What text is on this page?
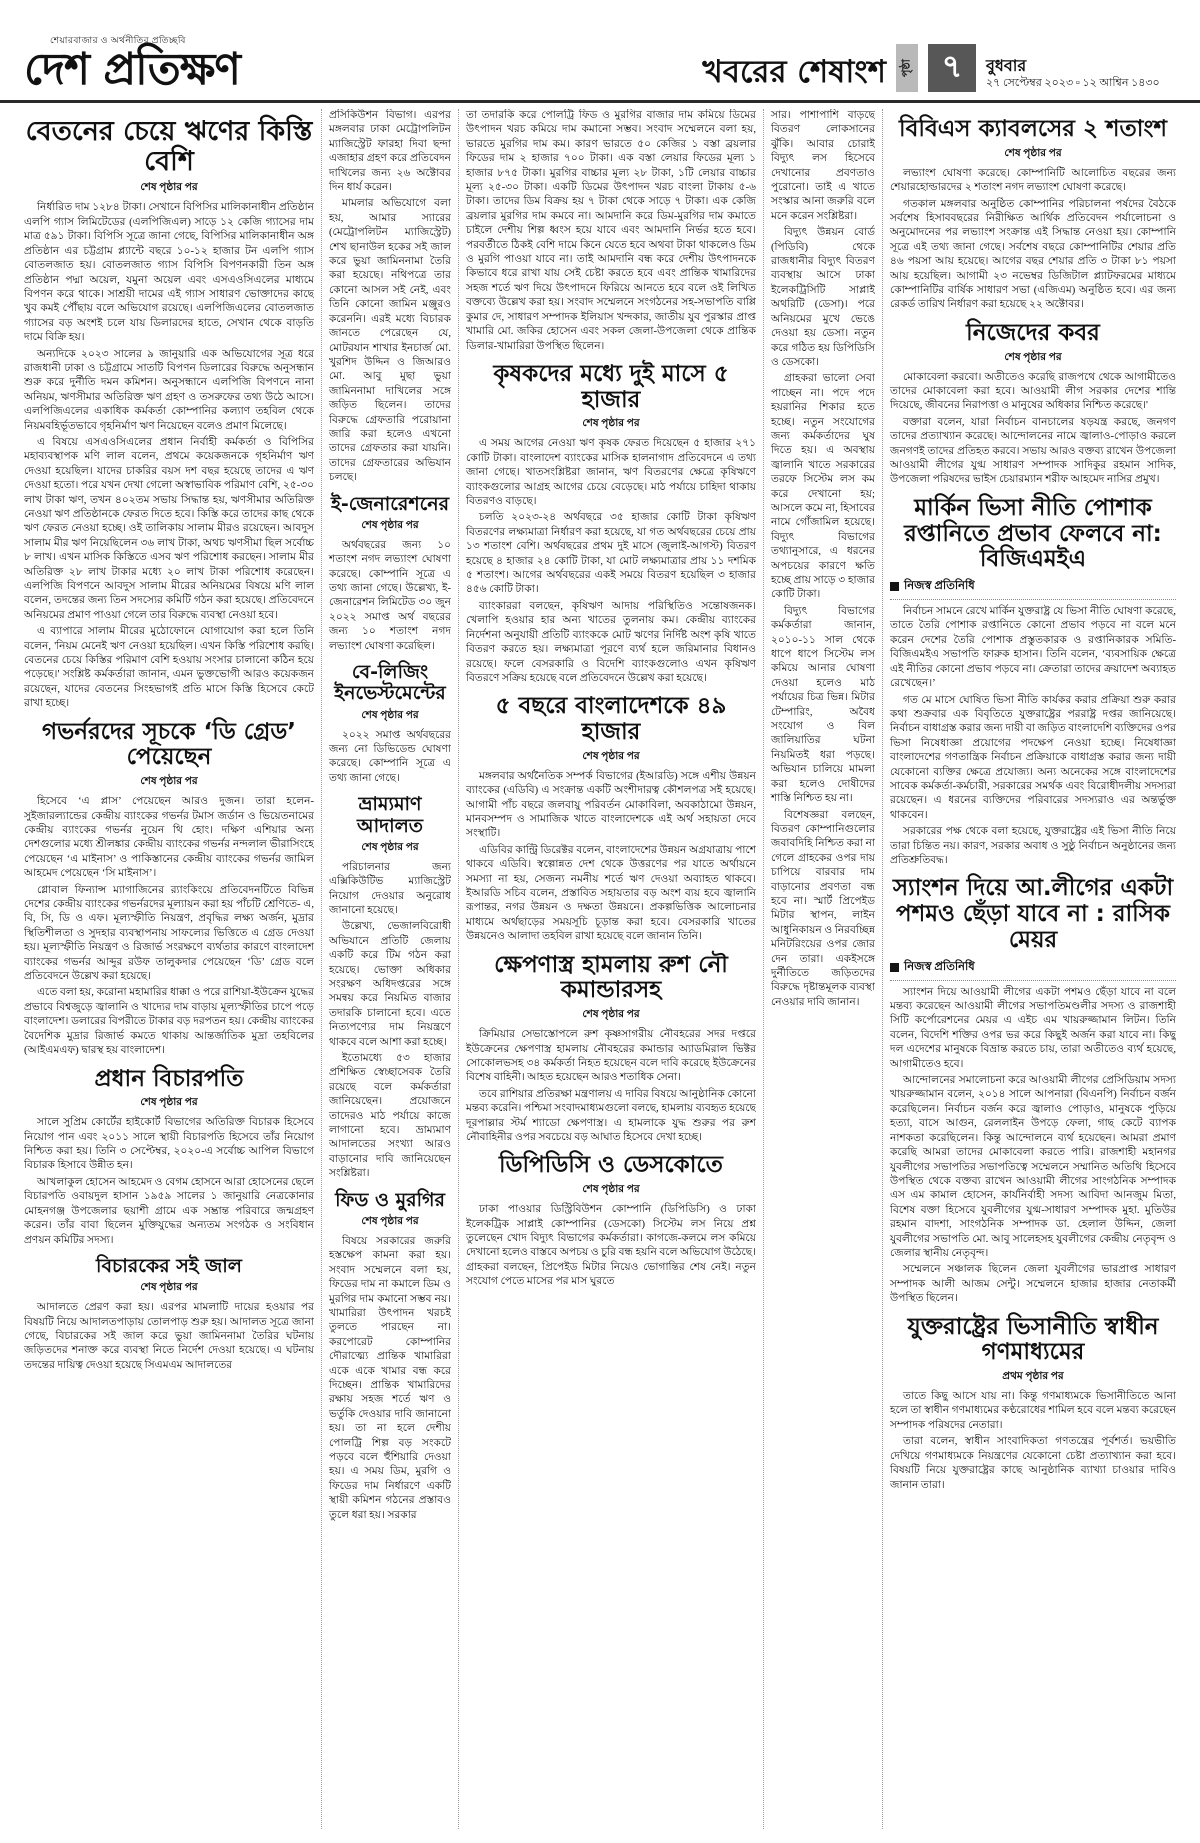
শেয়ারবাজার ও অর্থনীতির প্রতিচ্ছবি
দেশ প্রতিক্ষণ	খবরের শেষাংশ	পৃষ্ঠা ৭	বুধবার
২৭ সেপ্টেম্বর ২০২৩ ▫ ১২ আশ্বিন ১৪৩০
বেতনের চেয়ে ঋণের কিস্তি বেশি
শেষ পৃষ্ঠার পর

নির্ধারিত দাম ১২৮৪ টাকা। সেখানে বিপিসির মালিকানাধীন প্রতিষ্ঠান এলপি গ্যাস লিমিটেডের (এলপিজিএল) সাড়ে ১২ কেজি গ্যাসের দাম মাত্র ৫৯১ টাকা। বিপিসি সূত্রে জানা গেছে, বিপিসির মালিকানাধীন অঙ্গ প্রতিষ্ঠান এর চট্টগ্রাম প্ল্যান্টে বছরে ১০-১২ হাজার টন এলপি গ্যাস বোতলজাত হয়। বোতলজাত গ্যাস বিপিসি বিপণনকারী তিন অঙ্গ প্রতিষ্ঠান পদ্মা অয়েল, যমুনা অয়েল এবং এসএওসিএলের মাধ্যমে বিপণন করে থাকে। সাশ্রয়ী দামের এই গ্যাস সাধারণ ভোক্তাদের কাছে খুব কমই পৌঁছায় বলে অভিযোগ রয়েছে। এলপিজিএলের বোতলজাত গ্যাসের বড় অংশই চলে যায় ডিলারদের হাতে, সেখান থেকে বাড়তি দামে বিক্রি হয়।

অন্যদিকে ২০২৩ সালের ৯ জানুয়ারি এক অভিযোগের সূত্র ধরে রাজধানী ঢাকা ও চট্টগ্রামে সাতটি বিপণন ডিলারের বিরুদ্ধে অনুসন্ধান শুরু করে দুর্নীতি দমন কমিশন। অনুসন্ধানে এলপিজি বিপণনে নানা অনিয়ম, ঋণসীমার অতিরিক্ত ঋণ গ্রহণ ও তসরুফের তথ্য উঠে আসে। এলপিজিএলের একাধিক কর্মকর্তা কোম্পানির কল্যাণ তহবিল থেকে নিয়মবহির্ভূতভাবে গৃহনির্মাণ ঋণ নিয়েছেন বলেও প্রমাণ মিলেছে।

এ বিষয়ে এসএওসিএলের প্রধান নির্বাহী কর্মকর্তা ও বিপিসির মহাব্যবস্থাপক মণি লাল বলেন, প্রথমে কয়েকজনকে গৃহনির্মাণ ঋণ দেওয়া হয়েছিল। যাদের চাকরির বয়স দশ বছর হয়েছে তাদের এ ঋণ দেওয়া হতো। পরে যখন দেখা গেলো অস্বাভাবিক পরিমাণ বেশি, ২৫-৩০ লাখ টাকা ঋণ, তখন ৪০২তম সভায় সিদ্ধান্ত হয়, ঋণসীমার অতিরিক্ত নেওয়া ঋণ প্রতিষ্ঠানকে ফেরত দিতে হবে। কিস্তি করে তাদের কাছ থেকে ঋণ ফেরত নেওয়া হচ্ছে। ওই তালিকায় সালাম মীরও রয়েছেন। আবদুস সালাম মীর ঋণ নিয়েছিলেন ৩৬ লাখ টাকা, অথচ ঋণসীমা ছিল সর্বোচ্চ ৮ লাখ। এখন মাসিক কিস্তিতে এসব ঋণ পরিশোধ করছেন। সালাম মীর অতিরিক্ত ২৮ লাখ টাকার মধ্যে ২০ লাখ টাকা পরিশোধ করেছেন। এলপিজি বিপণনে আবদুস সালাম মীরের অনিয়মের বিষয়ে মণি লাল বলেন, তদন্তের জন্য তিন সদস্যের কমিটি গঠন করা হয়েছে। প্রতিবেদনে অনিয়মের প্রমাণ পাওয়া গেলে তার বিরুদ্ধে ব্যবস্থা নেওয়া হবে।

এ ব্যাপারে সালাম মীরের মুঠোফোনে যোগাযোগ করা হলে তিনি বলেন, 'নিয়ম মেনেই ঋণ নেওয়া হয়েছিল। এখন কিস্তি পরিশোধ করছি। বেতনের চেয়ে কিস্তির পরিমাণ বেশি হওয়ায় সংসার চালানো কঠিন হয়ে পড়েছে।' সংশ্লিষ্ট কর্মকর্তারা জানান, এমন ভুক্তভোগী আরও কয়েকজন রয়েছেন, যাদের বেতনের সিংহভাগই প্রতি মাসে কিস্তি হিসেবে কেটে রাখা হচ্ছে।

গভর্নরদের সূচকে ‘ডি গ্রেড’ পেয়েছেন
শেষ পৃষ্ঠার পর

হিসেবে ‘এ প্লাস’ পেয়েছেন আরও দুজন। তারা হলেন- সুইজারল্যান্ডের কেন্দ্রীয় ব্যাংকের গভর্নর টমাস জর্ডান ও ভিয়েতনামের কেন্দ্রীয় ব্যাংকের গভর্নর নুয়েন থি হোং। দক্ষিণ এশিয়ার অন্য দেশগুলোর মধ্যে শ্রীলঙ্কার কেন্দ্রীয় ব্যাংকের গভর্নর নন্দলাল ভীরাসিংহে পেয়েছেন ‘এ মাইনাস’ ও পাকিস্তানের কেন্দ্রীয় ব্যাংকের গভর্নর জামিল আহমেদ পেয়েছেন ‘সি মাইনাস’।

গ্লোবাল ফিন্যান্স ম্যাগাজিনের র‌্যাংকিংয়ে প্রতিবেদনটিতে বিভিন্ন দেশের কেন্দ্রীয় ব্যাংকের গভর্নরদের মূল্যায়ন করা হয় পাঁচটি শ্রেণিতে- এ, বি, সি, ডি ও এফ। মূল্যস্ফীতি নিয়ন্ত্রণ, প্রবৃদ্ধির লক্ষ্য অর্জন, মুদ্রার স্থিতিশীলতা ও সুদহার ব্যবস্থাপনায় সাফল্যের ভিত্তিতে এ গ্রেড দেওয়া হয়। মূল্যস্ফীতি নিয়ন্ত্রণ ও রিজার্ভ সংরক্ষণে ব্যর্থতার কারণে বাংলাদেশ ব্যাংকের গভর্নর আব্দুর রউফ তালুকদার পেয়েছেন ‘ডি’ গ্রেড বলে প্রতিবেদনে উল্লেখ করা হয়েছে।

এতে বলা হয়, করোনা মহামারির ধাক্কা ও পরে রাশিয়া-ইউক্রেন যুদ্ধের প্রভাবে বিশ্বজুড়ে জ্বালানি ও খাদ্যের দাম বাড়ায় মূল্যস্ফীতির চাপে পড়ে বাংলাদেশ। ডলারের বিপরীতে টাকার বড় দরপতন হয়। কেন্দ্রীয় ব্যাংকের বৈদেশিক মুদ্রার রিজার্ভ কমতে থাকায় আন্তর্জাতিক মুদ্রা তহবিলের (আইএমএফ) দ্বারস্থ হয় বাংলাদেশ।

প্রধান বিচারপতি
শেষ পৃষ্ঠার পর

সালে সুপ্রিম কোর্টের হাইকোর্ট বিভাগের অতিরিক্ত বিচারক হিসেবে নিয়োগ পান এবং ২০১১ সালে স্থায়ী বিচারপতি হিসেবে তাঁর নিয়োগ নিশ্চিত করা হয়। তিনি ৩ সেপ্টেম্বর, ২০২০-এ সর্বোচ্চ আপিল বিভাগে বিচারক হিসাবে উন্নীত হন।

আখলাকুল হোসেন আহমেদ ও বেগম হোসনে আরা হোসেনের ছেলে বিচারপতি ওবায়দুল হাসান ১৯৫৯ সালের ১ জানুয়ারি নেত্রকোনার মোহনগঞ্জ উপজেলার ছয়াশী গ্রামে এক সম্ভ্রান্ত পরিবারে জন্মগ্রহণ করেন। তাঁর বাবা ছিলেন মুক্তিযুদ্ধের অন্যতম সংগঠক ও সংবিধান প্রণয়ন কমিটির সদস্য।

বিচারকের সই জাল
শেষ পৃষ্ঠার পর

আদালতে প্রেরণ করা হয়। এরপর মামলাটি দায়ের হওয়ার পর বিষয়টি নিয়ে আদালতপাড়ায় তোলপাড় শুরু হয়। আদালত সূত্রে জানা গেছে, বিচারকের সই জাল করে ভুয়া জামিননামা তৈরির ঘটনায় জড়িতদের শনাক্ত করে ব্যবস্থা নিতে নির্দেশ দেওয়া হয়েছে। এ ঘটনায় তদন্তের দায়িত্ব দেওয়া হয়েছে সিএমএম আদালতের

প্রসিকিউশন বিভাগ। এরপর মঙ্গলবার ঢাকা মেট্রোপলিটন ম্যাজিস্ট্রেট ফারহা দিবা ছন্দা এজাহার গ্রহণ করে প্রতিবেদন দাখিলের জন্য ২৬ অক্টোবর দিন ধার্য করেন।

মামলার অভিযোগে বলা হয়, আমার স্যারের (মেট্রোপলিটন ম্যাজিস্ট্রেট) শেখ ছানাউল হকের সই জাল করে ভুয়া জামিননামা তৈরি করা হয়েছে। নথিপত্রে তার কোনো আসল সই নেই, এবং তিনি কোনো জামিন মঞ্জুরও করেননি। এরই মধ্যে বিচারক জানতে পেরেছেন যে, মোটরযান শাখার ইনচার্জ মো. খুরশিদ উদ্দিন ও জিআরও মো. আবু মুছা ভুয়া জামিননামা দাখিলের সঙ্গে জড়িত ছিলেন। তাদের বিরুদ্ধে গ্রেফতারি পরোয়ানা জারি করা হলেও এখনো তাদের গ্রেফতার করা যায়নি। তাদের গ্রেফতারের অভিযান চলছে।

ই-জেনারেশনের
শেষ পৃষ্ঠার পর

অর্থবছরের জন্য ১০ শতাংশ নগদ লভ্যাংশ ঘোষণা করেছে। কোম্পানি সূত্রে এ তথ্য জানা গেছে। উল্লেখ্য, ই-জেনারেশন লিমিটেড ৩০ জুন ২০২২ সমাপ্ত অর্থ বছরের জন্য ১০ শতাংশ নগদ লভ্যাংশ ঘোষণা করেছিল।

বে-লিজিং ইনভেস্টমেন্টের
শেষ পৃষ্ঠার পর

২০২২ সমাপ্ত অর্থবছরের জন্য নো ডিভিডেন্ড ঘোষণা করেছে। কোম্পানি সূত্রে এ তথ্য জানা গেছে।

ভ্রাম্যমাণ আদালত
শেষ পৃষ্ঠার পর

পরিচালনার জন্য এক্সিকিউটিভ ম্যাজিস্ট্রেট নিয়োগ দেওয়ার অনুরোধ জানানো হয়েছে।

উল্লেখ্য, ভেজালবিরোধী অভিযানে প্রতিটি জেলায় একটি করে টিম গঠন করা হয়েছে। ভোক্তা অধিকার সংরক্ষণ অধিদপ্তরের সঙ্গে সমন্বয় করে নিয়মিত বাজার তদারকি চালানো হবে। এতে নিত্যপণ্যের দাম নিয়ন্ত্রণে থাকবে বলে আশা করা হচ্ছে।

ইতোমধ্যে ৫৩ হাজার প্রশিক্ষিত স্বেচ্ছাসেবক তৈরি রয়েছে বলে কর্মকর্তারা জানিয়েছেন। প্রয়োজনে তাদেরও মাঠ পর্যায়ে কাজে লাগানো হবে। ভ্রাম্যমাণ আদালতের সংখ্যা আরও বাড়ানোর দাবি জানিয়েছেন সংশ্লিষ্টরা।

ফিড ও মুরগির
শেষ পৃষ্ঠার পর

বিষয়ে সরকারের জরুরি হস্তক্ষেপ কামনা করা হয়। সংবাদ সম্মেলনে বলা হয়, ফিডের দাম না কমালে ডিম ও মুরগির দাম কমানো সম্ভব নয়। খামারিরা উৎপাদন খরচই তুলতে পারছেন না। করপোরেট কোম্পানির দৌরাত্ম্যে প্রান্তিক খামারিরা একে একে খামার বন্ধ করে দিচ্ছেন। প্রান্তিক খামারিদের রক্ষায় সহজ শর্তে ঋণ ও ভর্তুকি দেওয়ার দাবি জানানো হয়। তা না হলে দেশীয় পোলট্রি শিল্প বড় সংকটে পড়বে বলে হুঁশিয়ারি দেওয়া হয়। এ সময় ডিম, মুরগি ও ফিডের দাম নির্ধারণে একটি স্থায়ী কমিশন গঠনের প্রস্তাবও তুলে ধরা হয়। সরকার

তা তদারকি করে পোলট্রি ফিড ও মুরগির বাজার দাম কমিয়ে ডিমের উৎপাদন খরচ কমিয়ে দাম কমানো সম্ভব। সংবাদ সম্মেলনে বলা হয়, ভারতে মুরগির দাম কম। কারণ ভারতে ৫০ কেজির ১ বস্তা ব্রয়লার ফিডের দাম ২ হাজার ৭০০ টাকা। এক বস্তা লেয়ার ফিডের মূল্য ১ হাজার ৮৭৫ টাকা। মুরগির বাচ্চার মূল্য ২৮ টাকা, ১টি লেয়ার বাচ্চার মূল্য ২৫-৩০ টাকা। একটি ডিমের উৎপাদন খরচ বাংলা টাকায় ৫-৬ টাকা। তাদের ডিম বিক্রয় হয় ৭ টাকা থেকে সাড়ে ৭ টাকা। এক কেজি ব্রয়লার মুরগির দাম কমবে না। আমদানি করে ডিম-মুরগির দাম কমাতে চাইলে দেশীয় শিল্প ধ্বংস হয়ে যাবে এবং আমদানি নির্ভর হতে হবে। পরবর্তীতে ঠিকই বেশি দামে কিনে যেতে হবে অথবা টাকা থাকলেও ডিম ও মুরগি পাওয়া যাবে না। তাই আমদানি বন্ধ করে দেশীয় উৎপাদনকে কিভাবে ধরে রাখা যায় সেই চেষ্টা করতে হবে এবং প্রান্তিক খামারিদের সহজ শর্তে ঋণ দিয়ে উৎপাদনে ফিরিয়ে আনতে হবে বলে ওই লিখিত বক্তব্যে উল্লেখ করা হয়। সংবাদ সম্মেলনে সংগঠনের সহ-সভাপতি বাপ্পি কুমার দে, সাধারণ সম্পাদক ইলিয়াস খন্দকার, জাতীয় যুব পুরস্কার প্রাপ্ত খামারি মো. জকির হোসেন এবং সকল জেলা-উপজেলা থেকে প্রান্তিক ডিলার-খামারিরা উপস্থিত ছিলেন।

কৃষকদের মধ্যে দুই মাসে ৫ হাজার
শেষ পৃষ্ঠার পর

এ সময় আগের নেওয়া ঋণ কৃষক ফেরত দিয়েছেন ৫ হাজার ২৭১ কোটি টাকা। বাংলাদেশ ব্যাংকের মাসিক হালনাগাদ প্রতিবেদনে এ তথ্য জানা গেছে। খাতসংশ্লিষ্টরা জানান, ঋণ বিতরণের ক্ষেত্রে কৃষিঋণে ব্যাংকগুলোর আগ্রহ আগের চেয়ে বেড়েছে। মাঠ পর্যায়ে চাহিদা থাকায় বিতরণও বাড়ছে।

চলতি ২০২৩-২৪ অর্থবছরে ৩৫ হাজার কোটি টাকা কৃষিঋণ বিতরণের লক্ষ্যমাত্রা নির্ধারণ করা হয়েছে, যা গত অর্থবছরের চেয়ে প্রায় ১৩ শতাংশ বেশি। অর্থবছরের প্রথম দুই মাসে (জুলাই-আগস্ট) বিতরণ হয়েছে ৪ হাজার ২৪ কোটি টাকা, যা মোট লক্ষ্যমাত্রার প্রায় ১১ দশমিক ৫ শতাংশ। আগের অর্থবছরের একই সময়ে বিতরণ হয়েছিল ৩ হাজার ৪৫৬ কোটি টাকা।

ব্যাংকাররা বলছেন, কৃষিঋণ আদায় পরিস্থিতিও সন্তোষজনক। খেলাপি হওয়ার হার অন্য খাতের তুলনায় কম। কেন্দ্রীয় ব্যাংকের নির্দেশনা অনুযায়ী প্রতিটি ব্যাংককে মোট ঋণের নির্দিষ্ট অংশ কৃষি খাতে বিতরণ করতে হয়। লক্ষ্যমাত্রা পূরণে ব্যর্থ হলে জরিমানার বিধানও রয়েছে। ফলে বেসরকারি ও বিদেশি ব্যাংকগুলোও এখন কৃষিঋণ বিতরণে সক্রিয় হয়েছে বলে প্রতিবেদনে উল্লেখ করা হয়েছে।

৫ বছরে বাংলাদেশকে ৪৯ হাজার
শেষ পৃষ্ঠার পর

মঙ্গলবার অর্থনৈতিক সম্পর্ক বিভাগের (ইআরডি) সঙ্গে এশীয় উন্নয়ন ব্যাংকের (এডিবি) এ সংক্রান্ত একটি অংশীদারত্ব কৌশলপত্র সই হয়েছে। আগামী পাঁচ বছরে জলবায়ু পরিবর্তন মোকাবিলা, অবকাঠামো উন্নয়ন, মানবসম্পদ ও সামাজিক খাতে বাংলাদেশকে এই অর্থ সহায়তা দেবে সংস্থাটি।

এডিবির কান্ট্রি ডিরেক্টর বলেন, বাংলাদেশের উন্নয়ন অগ্রযাত্রায় পাশে থাকবে এডিবি। স্বল্পোন্নত দেশ থেকে উত্তরণের পর যাতে অর্থায়নে সমস্যা না হয়, সেজন্য নমনীয় শর্তে ঋণ দেওয়া অব্যাহত থাকবে। ইআরডি সচিব বলেন, প্রস্তাবিত সহায়তার বড় অংশ ব্যয় হবে জ্বালানি রূপান্তর, নগর উন্নয়ন ও দক্ষতা উন্নয়নে। প্রকল্পভিত্তিক আলোচনার মাধ্যমে অর্থছাড়ের সময়সূচি চূড়ান্ত করা হবে। বেসরকারি খাতের উন্নয়নেও আলাদা তহবিল রাখা হয়েছে বলে জানান তিনি।

ক্ষেপণাস্ত্র হামলায় রুশ নৌ কমান্ডারসহ
শেষ পৃষ্ঠার পর

ক্রিমিয়ার সেভাস্তোপলে রুশ কৃষ্ণসাগরীয় নৌবহরের সদর দপ্তরে ইউক্রেনের ক্ষেপণাস্ত্র হামলায় নৌবহরের কমান্ডার অ্যাডমিরাল ভিক্টর সোকোলভসহ ৩৪ কর্মকর্তা নিহত হয়েছেন বলে দাবি করেছে ইউক্রেনের বিশেষ বাহিনী। আহত হয়েছেন আরও শতাধিক সেনা।

তবে রাশিয়ার প্রতিরক্ষা মন্ত্রণালয় এ দাবির বিষয়ে আনুষ্ঠানিক কোনো মন্তব্য করেনি। পশ্চিমা সংবাদমাধ্যমগুলো বলছে, হামলায় ব্যবহৃত হয়েছে দূরপাল্লার স্টর্ম শ্যাডো ক্ষেপণাস্ত্র। এ হামলাকে যুদ্ধ শুরুর পর রুশ নৌবাহিনীর ওপর সবচেয়ে বড় আঘাত হিসেবে দেখা হচ্ছে।

ডিপিডিসি ও ডেসকোতে
শেষ পৃষ্ঠার পর

ঢাকা পাওয়ার ডিস্ট্রিবিউশন কোম্পানি (ডিপিডিসি) ও ঢাকা ইলেকট্রিক সাপ্লাই কোম্পানির (ডেসকো) সিস্টেম লস নিয়ে প্রশ্ন তুলেছেন খোদ বিদ্যুৎ বিভাগের কর্মকর্তারা। কাগজে-কলমে লস কমিয়ে দেখানো হলেও বাস্তবে অপচয় ও চুরি বন্ধ হয়নি বলে অভিযোগ উঠেছে। গ্রাহকরা বলছেন, প্রিপেইড মিটার নিয়েও ভোগান্তির শেষ নেই। নতুন সংযোগ পেতে মাসের পর মাস ঘুরতে

সার। পাশাপাশি বাড়ছে বিতরণ লোকসানের ঝুঁকি। আবার চোরাই বিদ্যুৎ লস হিসেবে দেখানোর প্রবণতাও পুরোনো। তাই এ খাতে সংস্কার আনা জরুরি বলে মনে করেন সংশ্লিষ্টরা।

বিদ্যুৎ উন্নয়ন বোর্ড (পিডিবি) থেকে রাজধানীর বিদ্যুৎ বিতরণ ব্যবস্থায় আসে ঢাকা ইলেকট্রিসিটি সাপ্লাই অথরিটি (ডেসা)। পরে অনিয়মের মুখে ভেঙে দেওয়া হয় ডেসা। নতুন করে গঠিত হয় ডিপিডিসি ও ডেসকো।

গ্রাহকরা ভালো সেবা পাচ্ছেন না। পদে পদে হয়রানির শিকার হতে হচ্ছে। নতুন সংযোগের জন্য কর্মকর্তাদের ঘুষ দিতে হয়। এ অবস্থায় জ্বালানি খাতে সরকারের তরফে সিস্টেম লস কম করে দেখানো হয়; আসলে কমে না, হিসাবের নামে গোঁজামিল হয়েছে। বিদ্যুৎ বিভাগের তথ্যানুসারে, এ ধরনের অপচয়ের কারণে ক্ষতি হচ্ছে প্রায় সাড়ে ৩ হাজার কোটি টাকা।

বিদ্যুৎ বিভাগের কর্মকর্তারা জানান, ২০১০-১১ সাল থেকে ধাপে ধাপে সিস্টেম লস কমিয়ে আনার ঘোষণা দেওয়া হলেও মাঠ পর্যায়ের চিত্র ভিন্ন। মিটার টেম্পারিং, অবৈধ সংযোগ ও বিল জালিয়াতির ঘটনা নিয়মিতই ধরা পড়ছে। অভিযান চালিয়ে মামলা করা হলেও দোষীদের শাস্তি নিশ্চিত হয় না।

বিশেষজ্ঞরা বলছেন, বিতরণ কোম্পানিগুলোর জবাবদিহি নিশ্চিত করা না গেলে গ্রাহকের ওপর দায় চাপিয়ে বারবার দাম বাড়ানোর প্রবণতা বন্ধ হবে না। স্মার্ট প্রিপেইড মিটার স্থাপন, লাইন আধুনিকায়ন ও নিরবচ্ছিন্ন মনিটরিংয়ের ওপর জোর দেন তারা। একইসঙ্গে দুর্নীতিতে জড়িতদের বিরুদ্ধে দৃষ্টান্তমূলক ব্যবস্থা নেওয়ার দাবি জানান।

বিবিএস ক্যাবলসের ২ শতাংশ
শেষ পৃষ্ঠার পর

লভ্যাংশ ঘোষণা করেছে। কোম্পানিটি আলোচিত বছরের জন্য শেয়ারহোল্ডারদের ২ শতাংশ নগদ লভ্যাংশ ঘোষণা করেছে।

গতকাল মঙ্গলবার অনুষ্ঠিত কোম্পানির পরিচালনা পর্ষদের বৈঠকে সর্বশেষ হিসাববছরের নিরীক্ষিত আর্থিক প্রতিবেদন পর্যালোচনা ও অনুমোদনের পর লভ্যাংশ সংক্রান্ত এই সিদ্ধান্ত নেওয়া হয়। কোম্পানি সূত্রে এই তথ্য জানা গেছে। সর্বশেষ বছরে কোম্পানিটির শেয়ার প্রতি ৪৬ পয়সা আয় হয়েছে। আগের বছর শেয়ার প্রতি ৩ টাকা ৮১ পয়সা আয় হয়েছিল। আগামী ২৩ নভেম্বর ডিজিটাল প্ল্যাটফরমের মাধ্যমে কোম্পানিটির বার্ষিক সাধারণ সভা (এজিএম) অনুষ্ঠিত হবে। এর জন্য রেকর্ড তারিখ নির্ধারণ করা হয়েছে ২২ অক্টোবর।

নিজেদের কবর
শেষ পৃষ্ঠার পর

মোকাবেলা করবো। অতীতেও করেছি রাজপথে থেকে আগামীতেও তাদের মোকাবেলা করা হবে। আওয়ামী লীগ সরকার দেশের শান্তি দিয়েছে, জীবনের নিরাপত্তা ও মানুষের অধিকার নিশ্চিত করেছে।'

বক্তারা বলেন, যারা নির্বাচন বানচালের ষড়যন্ত্র করছে, জনগণ তাদের প্রত্যাখ্যান করেছে। আন্দোলনের নামে জ্বালাও-পোড়াও করলে জনগণই তাদের প্রতিহত করবে। সভায় আরও বক্তব্য রাখেন উপজেলা আওয়ামী লীগের যুগ্ম সাধারণ সম্পাদক সাদিকুর রহমান সাদিক, উপজেলা পরিষদের ভাইস চেয়ারম্যান শরীফ আহমেদ নাসির প্রমুখ।

মার্কিন ভিসা নীতি পোশাক রপ্তানিতে প্রভাব ফেলবে না: বিজিএমইএ
নিজস্ব প্রতিনিধি

নির্বাচন সামনে রেখে মার্কিন যুক্তরাষ্ট্র যে ভিসা নীতি ঘোষণা করেছে, তাতে তৈরি পোশাক রপ্তানিতে কোনো প্রভাব পড়বে না বলে মনে করেন দেশের তৈরি পোশাক প্রস্তুতকারক ও রপ্তানিকারক সমিতি-বিজিএমইএ সভাপতি ফারুক হাসান। তিনি বলেন, ‘ব্যবসায়িক ক্ষেত্রে এই নীতির কোনো প্রভাব পড়বে না। ক্রেতারা তাদের ক্রয়াদেশ অব্যাহত রেখেছেন।’

গত মে মাসে ঘোষিত ভিসা নীতি কার্যকর করার প্রক্রিয়া শুরু করার কথা শুক্রবার এক বিবৃতিতে যুক্তরাষ্ট্রের পররাষ্ট্র দপ্তর জানিয়েছে। নির্বাচন বাধাগ্রস্ত করার জন্য দায়ী বা জড়িত বাংলাদেশি ব্যক্তিদের ওপর ভিসা নিষেধাজ্ঞা প্রয়োগের পদক্ষেপ নেওয়া হচ্ছে। নিষেধাজ্ঞা বাংলাদেশের গণতান্ত্রিক নির্বাচন প্রক্রিয়াকে বাধাগ্রস্ত করার জন্য দায়ী যেকোনো ব্যক্তির ক্ষেত্রে প্রযোজ্য। অন্য অনেকের সঙ্গে বাংলাদেশের সাবেক কর্মকর্তা-কর্মচারী, সরকারের সমর্থক এবং বিরোধীদলীয় সদস্যরা রয়েছেন। এ ধরনের ব্যক্তিদের পরিবারের সদস্যরাও এর অন্তর্ভুক্ত থাকবেন।

সরকারের পক্ষ থেকে বলা হয়েছে, যুক্তরাষ্ট্রের এই ভিসা নীতি নিয়ে তারা চিন্তিত নয়। কারণ, সরকার অবাধ ও সুষ্ঠু নির্বাচন অনুষ্ঠানের জন্য প্রতিশ্রুতিবদ্ধ।

স্যাংশন দিয়ে আ.লীগের একটা পশমও ছেঁড়া যাবে না : রাসিক মেয়র
নিজস্ব প্রতিনিধি

স্যাংশন দিয়ে আওয়ামী লীগের একটা পশমও ছেঁড়া যাবে না বলে মন্তব্য করেছেন আওয়ামী লীগের সভাপতিমণ্ডলীর সদস্য ও রাজশাহী সিটি কর্পোরেশনের মেয়র এ এইচ এম খায়রুজ্জামান লিটন। তিনি বলেন, বিদেশি শক্তির ওপর ভর করে কিছুই অর্জন করা যাবে না। কিছু দল এদেশের মানুষকে বিভ্রান্ত করতে চায়, তারা অতীতেও ব্যর্থ হয়েছে, আগামীতেও হবে।

আন্দোলনের সমালোচনা করে আওয়ামী লীগের প্রেসিডিয়াম সদস্য খায়রুজ্জামান বলেন, ২০১৪ সালে আপনারা (বিএনপি) নির্বাচন বর্জন করেছিলেন। নির্বাচন বর্জন করে জ্বালাও পোড়াও, মানুষকে পুড়িয়ে হত্যা, বাসে আগুন, রেললাইন উপড়ে ফেলা, গাছ কেটে ব্যাপক নাশকতা করেছিলেন। কিন্তু আন্দোলনে ব্যর্থ হয়েছেন। আমরা প্রমাণ করেছি আমরা তাদের মোকাবেলা করতে পারি। রাজশাহী মহানগর যুবলীগের সভাপতির সভাপতিত্বে সম্মেলনে সম্মানিত অতিথি হিসেবে উপস্থিত থেকে বক্তব্য রাখেন আওয়ামী লীগের সাংগঠনিক সম্পাদক এস এম কামাল হোসেন, কার্যনির্বাহী সদস্য আবিদা আনজুম মিতা, বিশেষ বক্তা হিসেবে যুবলীগের যুগ্ম-সাধারণ সম্পাদক মুহা. মুতিউর রহমান বাদশা, সাংগঠনিক সম্পাদক ডা. হেলাল উদ্দিন, জেলা যুবলীগের সভাপতি মো. আবু সালেহসহ যুবলীগের কেন্দ্রীয় নেতৃবৃন্দ ও জেলার স্থানীয় নেতৃবৃন্দ।

সম্মেলনে সঞ্চালক ছিলেন জেলা যুবলীগের ভারপ্রাপ্ত সাধারণ সম্পাদক আলী আজম সেন্টু। সম্মেলনে হাজার হাজার নেতাকর্মী উপস্থিত ছিলেন।

যুক্তরাষ্ট্রের ভিসানীতি স্বাধীন গণমাধ্যমের
প্রথম পৃষ্ঠার পর

তাতে কিছু আসে যায় না। কিন্তু গণমাধ্যমকে ভিসানীতিতে আনা হলে তা স্বাধীন গণমাধ্যমের কণ্ঠরোধের শামিল হবে বলে মন্তব্য করেছেন সম্পাদক পরিষদের নেতারা।

তারা বলেন, স্বাধীন সাংবাদিকতা গণতন্ত্রের পূর্বশর্ত। ভয়ভীতি দেখিয়ে গণমাধ্যমকে নিয়ন্ত্রণের যেকোনো চেষ্টা প্রত্যাখ্যান করা হবে। বিষয়টি নিয়ে যুক্তরাষ্ট্রের কাছে আনুষ্ঠানিক ব্যাখ্যা চাওয়ার দাবিও জানান তারা।
